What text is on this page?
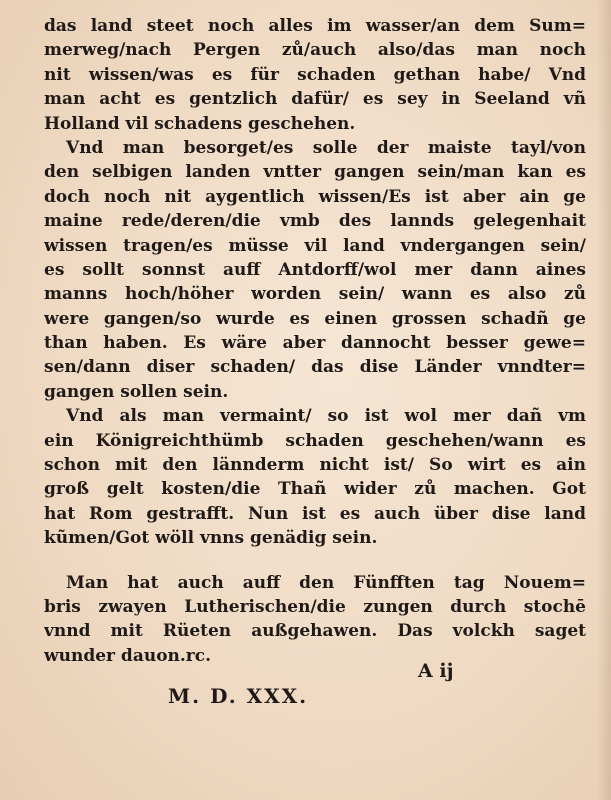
das land steet noch alles im wasser/an dem Sum=
merweg/nach Pergen zů/auch also/das man noch
nit wissen/was es für schaden gethan habe/ Vnd
man acht es gentzlich dafür/ es sey in Seeland vñ
Holland vil schadens geschehen.
Vnd man besorget/es solle der maiste tayl/von
den selbigen landen vntter gangen sein/man kan es
doch noch nit aygentlich wissen/Es ist aber ain ge
maine rede/deren/die vmb des lannds gelegenhait
wissen tragen/es müsse vil land vndergangen sein/
es sollt sonnst auff Antdorff/wol mer dann aines
manns hoch/höher worden sein/ wann es also zů
were gangen/so wurde es einen grossen schadñ ge
than haben. Es wäre aber dannocht besser gewe=
sen/dann diser schaden/ das dise Länder vnndter=
gangen sollen sein.
Vnd als man vermaint/ so ist wol mer dañ vm
ein Königreichthümb schaden geschehen/wann es
schon mit den lännderm nicht ist/ So wirt es ain
groß gelt kosten/die Thañ wider zů machen. Got
hat Rom gestrafft. Nun ist es auch über dise land
kũmen/Got wöll vnns genädig sein.
Man hat auch auff den Fünfften tag Nouem=
bris zwayen Lutherischen/die zungen durch stochē
vnnd mit Rüeten außgehawen. Das volckh saget
wunder dauon.rc.
A ij
M. D. XXX.
